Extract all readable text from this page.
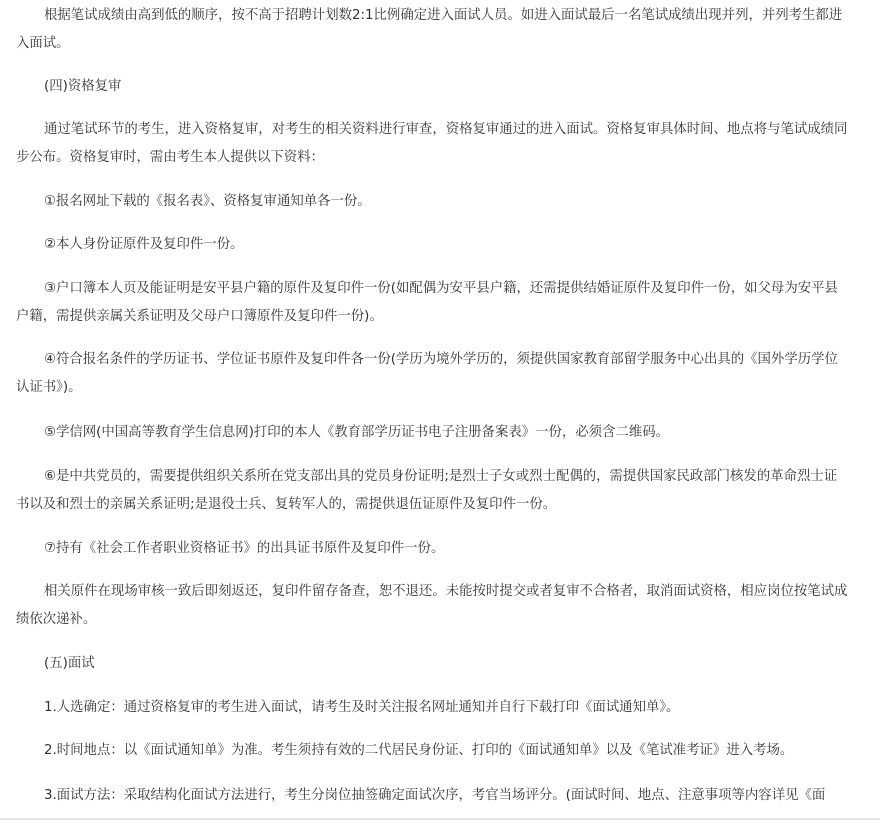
根据笔试成绩由高到低的顺序，按不高于招聘计划数2:1比例确定进入面试人员。如进入面试最后一名笔试成绩出现并列，并列考生都进入面试。

(四)资格复审

通过笔试环节的考生，进入资格复审，对考生的相关资料进行审查，资格复审通过的进入面试。资格复审具体时间、地点将与笔试成绩同步公布。资格复审时，需由考生本人提供以下资料：

①报名网址下载的《报名表》、资格复审通知单各一份。

②本人身份证原件及复印件一份。

③户口簿本人页及能证明是安平县户籍的原件及复印件一份(如配偶为安平县户籍，还需提供结婚证原件及复印件一份，如父母为安平县户籍，需提供亲属关系证明及父母户口簿原件及复印件一份)。

④符合报名条件的学历证书、学位证书原件及复印件各一份(学历为境外学历的，须提供国家教育部留学服务中心出具的《国外学历学位认证书》)。

⑤学信网(中国高等教育学生信息网)打印的本人《教育部学历证书电子注册备案表》一份，必须含二维码。

⑥是中共党员的，需要提供组织关系所在党支部出具的党员身份证明;是烈士子女或烈士配偶的，需提供国家民政部门核发的革命烈士证书以及和烈士的亲属关系证明;是退役士兵、复转军人的，需提供退伍证原件及复印件一份。

⑦持有《社会工作者职业资格证书》的出具证书原件及复印件一份。

相关原件在现场审核一致后即刻返还，复印件留存备查，恕不退还。未能按时提交或者复审不合格者，取消面试资格，相应岗位按笔试成绩依次递补。

(五)面试

1.人选确定：通过资格复审的考生进入面试，请考生及时关注报名网址通知并自行下载打印《面试通知单》。

2.时间地点：以《面试通知单》为准。考生须持有效的二代居民身份证、打印的《面试通知单》以及《笔试准考证》进入考场。

3.面试方法：采取结构化面试方法进行，考生分岗位抽签确定面试次序，考官当场评分。(面试时间、地点、注意事项等内容详见《面
